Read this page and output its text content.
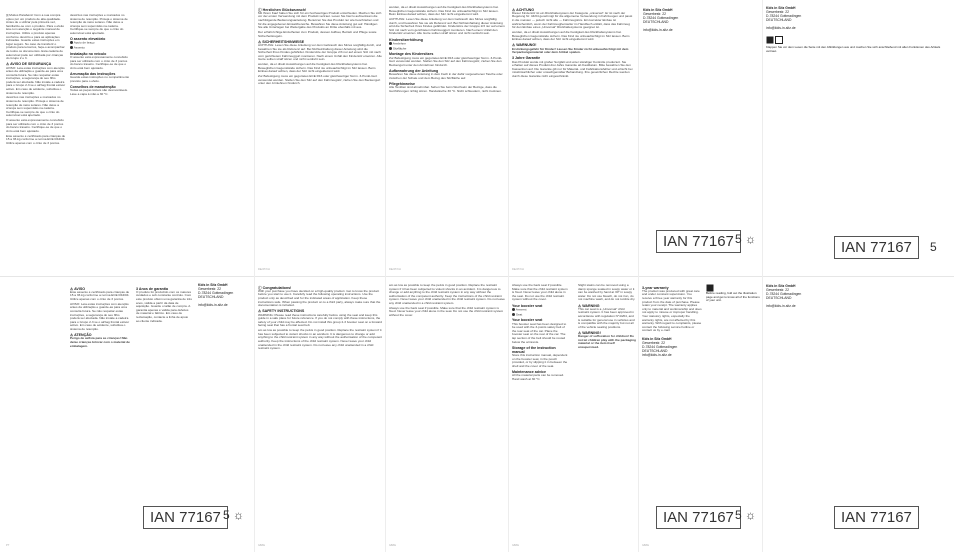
[i] Muitos Parabéns! Com a sua compra optou por um produto de alta qualidade. Antes de o utilizar pela primeira vez, familiarize-se com o produto. Para o efeito leia com atenção o seguinte manual de instruções. Utilize o produto apenas conforme descrito e para as aplicações indicadas. Guarde estas instruções em lugar seguro. No caso de transferir o produto para terceiros, faça-o acompanhar de todos os documentos. Esta cadeira de automóvel pode ser utilizada por crianças do Grupo 2 e 3.

⚠ AVISO DE SEGURANÇA

AVISO: Leia estas instruções com atenção antes da utilização e guarde-as para uma consulta futura. Se não respeitar estas instruções, a segurança do seu filho poderá ser afectada. Não instale a cadeira para o Grupo 2-3 se o airbag frontal estiver activo. Em caso de acidente, substitua o sistema de retenção.

descritos nas instruções e marcados no sistema de retenção. Proteja o sistema de retenção de raios solares. Não deixe a criança sem supervisão na cadeira. Certifique-se sempre de que o cinto do automóvel está apertado.

O assento está expressamente concebido para ser utilizado com o cinto de 3 pontos do banco traseiro. Certifique-se de que o cinto está bem ajustado.

Este assento é certificado para crianças de 15 a 36 kg conforme a norma ECE R44/04. Utilize apenas com o cinto de 3 pontos.

descritos nas instruções e marcados no sistema de retenção. Proteja o sistema de retenção de raios solares. Não deixe a criança sem supervisão na cadeira. Certifique-se sempre de que o cinto do automóvel está apertado.

O assento elevatório

Apoio de braço

Assento

Instalação no veículo

O assento está expressamente concebido para ser utilizado com o cinto de 3 pontos do banco traseiro. Certifique-se de que o cinto está bem ajustado.

Arrumação das instruções

Guarde estas instruções no compartimento previsto para o efeito.

Conselhos de manutenção

Todas as peças têxteis são desmontáveis. Lave a capa à mão a 30 °C.

⚠ AVISO

Este assento é certificado para crianças de 15 a 36 kg conforme a norma ECE R44/04. Utilize apenas com o cinto de 3 pontos.

AVISO: Leia estas instruções com atenção antes da utilização e guarde-as para uma consulta futura. Se não respeitar estas instruções, a segurança do seu filho poderá ser afectada. Não instale a cadeira para o Grupo 2-3 se o airbag frontal estiver activo. Em caso de acidente, substitua o sistema de retenção.

⚠ ATENÇÃO

Perigo de asfixia para as crianças! Não deixe crianças brincar com o material de embalagem.

3 Anos de garantia

O produto foi produzido com os maiores cuidados e sob constante controlo. Com este produto obtém uma garantia de três anos, válida a partir da data de aquisição. Guarde o talão de compra. A garantia apenas é válida para defeitos de material e fabrico. Em caso de reclamação, contacte a linha de apoio ao cliente indicada.

Kids in Sitz GmbH
Gewerbestr. 22
D-78244 Gottmadingen
DEUTSCHLAND
info@kids-in-sitz.de
IAN 77167 5 ☼
PT
ⓘ Herzlichen Glückwunsch!

Mit Ihrem Kauf haben Sie sich für ein hochwertiges Produkt entschieden. Machen Sie sich vor der ersten Verwendung mit dem Produkt vertraut. Lesen Sie hierzu aufmerksam die nachfolgende Bedienungsanleitung. Benutzen Sie das Produkt nur wie beschrieben und für die angegebenen Einsatzbereiche. Bewahren Sie diese Anleitung gut auf. Händigen Sie alle Unterlagen bei Weitergabe des Produkts an Dritte ebenfalls mit aus.

Der erhält richtige Einzelheiten zum Produkt, dessen Aufbau, Betrieb und Pflege sowie Sicherheitsregeln.

⚠ SICHERHEITSHINWEISE

ACHTUNG: Lesen Sie diese Anleitung vor dem Gebrauch des Sitzes sorgfältig durch, und bewahren Sie sie als Referenz auf. Bei Nichteinhaltung dieser Anleitung wird die Sicherheit Ihres Kindes gefährdet. Kindersitze der Gruppe 2/3 nur auf einem Sitz mit nach vorn gerichtetem Fahrzeuggurt montieren. Nach einem Unfall den Kindersitz ersetzen. Alle Gurte sollten straff sitzen und nicht verdreht sein.

werden, da er direkt Auswirkungen auf die Festigkeit des Rückhaltesystems hat. Beweglichen Gegenstände sichern. Das Kind nie unbeaufsichtigt im Sitz lassen. Beim Einbau darauf achten, dass der Sitz nicht eingeklemmt wird.

Zur Befestigung muss ein gegurtetes ECE R16 oder gleichwertiger Norm. 3-Punkt-Gurt verwendet werden. Stellen Sie den Sitz auf den Fahrzeugsitz, ziehen Sie den Beckengurt unter den Armlehnen hindurch.

werden, da er direkt Auswirkungen auf die Festigkeit des Rückhaltesystems hat. Beweglichen Gegenstände sichern. Das Kind nie unbeaufsichtigt im Sitz lassen. Beim Einbau darauf achten, dass der Sitz nicht eingeklemmt wird.

ACHTUNG: Lesen Sie diese Anleitung vor dem Gebrauch des Sitzes sorgfältig durch, und bewahren Sie sie als Referenz auf. Bei Nichteinhaltung dieser Anleitung wird die Sicherheit Ihres Kindes gefährdet. Kindersitze der Gruppe 2/3 nur auf einem Sitz mit nach vorn gerichtetem Fahrzeuggurt montieren. Nach einem Unfall den Kindersitz ersetzen. Alle Gurte sollten straff sitzen und nicht verdreht sein.

Kindersitzerhöhung

Armlehne

Sitzfläche

Montage des Kindersitzes

Zur Befestigung muss ein gegurtetes ECE R16 oder gleichwertiger Norm. 3-Punkt-Gurt verwendet werden. Stellen Sie den Sitz auf den Fahrzeugsitz, ziehen Sie den Beckengurt unter den Armlehnen hindurch.

Aufbewahrung der Anleitung

Bewahren Sie diese Anleitung in dem Fach in der dafür vorgesehenen Tasche oder zwischen der Schale und dem Bezug des Sitzfläche auf.

Pflegehinweise

Alle Textilien sind abnehmbar. Sehen Sie beim Wechseln der Bezüge, dass die Gurtführungen richtig sitzen. Handwäsche 30 °C. Nicht schleudern, nicht trocknen.

⚠ ACHTUNG

Dieser Kindersitz ist ein Rückhaltesystem der Kategorie „universal". Er ist nach der Regelung Nr. 44/04 genehmigt für die allgemeine Verwendung in Fahrzeugen und passt in die meisten — jedoch nicht alle — Fahrzeugsitze. Ein korrekter Einbau ist wahrscheinlich, wenn der Fahrzeughersteller im Handbuch erklärt, dass das Fahrzeug für den Einbau eines „Universal" Rückhaltesystems geeignet ist.

werden, da er direkt Auswirkungen auf die Festigkeit des Rückhaltesystems hat. Beweglichen Gegenstände sichern. Das Kind nie unbeaufsichtigt im Sitz lassen. Beim Einbau darauf achten, dass der Sitz nicht eingeklemmt wird.

⚠ WARNUNG!

Erstickungsgefahr für Kinder! Lassen Sie Kinder nicht unbeaufsichtigt mit dem Verpackungsmaterial oder dem Artikel spielen.

3 Jahre Garantie

Das Produkt wurde mit großer Sorgfalt und unter ständiger Kontrolle produziert. Sie erhalten auf dieses Produkt drei Jahre Garantie ab Kaufdatum. Bitte bewahren Sie den Kassenbon auf. Die Garantie gilt nur für Material- und Fabrikationsfehler und erlischt bei missbräuchlicher oder unsachgemäßer Behandlung. Ihre gesetzlichen Rechte werden durch diese Garantie nicht eingeschränkt.

Kids in Sitz GmbH
Gewerbestr. 22
D-78244 Gottmadingen
DEUTSCHLAND
info@kids-in-sitz.de
Kids in Sitz GmbH
Gewerbestr. 22
D-78244 Gottmadingen
DEUTSCHLAND
info@kids-in-sitz.de

Klappen Sie vor dem Lesen die Seite mit den Abbildungen aus und machen Sie sich anschließend mit allen Funktionen des Artikels vertraut.
IAN 77167 5 ☼	IAN 77167	5
DE/AT/CH	DE/AT/CH	DE/AT/CH
ⓘ Congratulations!

With your purchase you have decided on a high-quality product. Get to know the product before you start to use it. Carefully read the following operating instructions. Use the product only as described and for the indicated areas of application. Keep these instructions safe. When passing the product on to a third party, always make sure that the documentation is included.

⚠ SAFETY INSTRUCTIONS

WARNING: Please read these instructions carefully before using the seat and keep this guide in a safe place for future reference. If you do not comply with these instructions, the safety of your child may be affected. Do not install this group 2-3 booster seat on a forward facing seat that has a frontal seat belt.

am as low as possible to keep the pelvis in good position. Replace the restraint system if it has been subjected to violent shocks in an accident. It is dangerous to change or add anything to the child restraint system in any way without the authorisation of the competent authority. Keep the instructions of the child restraint system. Never leave your child unattended in the child restraint system. Do not leave any child unattended in a child restraint system.

am as low as possible to keep the pelvis in good position. Replace the restraint system if it has been subjected to violent shocks in an accident. It is dangerous to change or add anything to the child restraint system in any way without the authorisation of the competent authority. Keep the instructions of the child restraint system. Never leave your child unattended in the child restraint system. Do not leave any child unattended in a child restraint system.

Always use the back seat if possible. Make sure that the child restraint system is fixed. Never leave your child alone in the seat. Do not use the child restraint system without the cover.

Always use the back seat if possible. Make sure that the child restraint system is fixed. Never leave your child alone in the seat. Do not use the child restraint system without the cover.

Your booster seat

Armrest

Seat

Your booster seat

This booster seat has been designed to be used with the 3-points safety belt of the rear seat of the car. Place the booster seat on the rear of the car. The lap section of the belt should be routed below the armrests.

Storage of the instruction manual

Store this instruction manual, dependent on the booster seat, in the pouch provided, or by slipping it in between the shell and the cover of the seat.

Maintenance advice

All the material parts can be removed. Hand wash at 30 °C.

Slight stains can be removed using a damp sponge soaked in soapy water or it can be washed by hand at 30° in soapy water. Do not use bleach, do not iron, do not machine wash, and do not tumble dry.

⚠ WARNING

This car seat is a „Universal" child restraint system. It has been approved in accordance with regulation N°44/04, and is suitable for general use in vehicles and is compatible with the majority but not all of the vehicle seating positions.

⚠ WARNING!

Danger of suffocation for children! Do not let children play with the packaging material or the item itself unsupervised.

3-year warranty

The product was produced with great care and under constant supervision. You receive a three year warranty for this product from the date of purchase. Please retain your receipt. The warranty applies only to material and workmanship and does not apply to misuse or improper handling. Your statutory rights, especially the warranty rights, are not affected by this warranty. With regard to complaints, please contact the following service hotline or contact us by e-mail.

Kids in Sitz GmbH
Gewerbestr. 22
D-78244 Gottmadingen
DEUTSCHLAND
info@kids-in-sitz.de
Before reading, fold out the illustration page and get to know all of the functions of your unit.
Kids in Sitz GmbH
Gewerbestr. 22
D-78244 Gottmadingen
DEUTSCHLAND
info@kids-in-sitz.de
IAN 77167 5 ☼	IAN 77167
GB/IE	GB/IE	GB/IE	GB/IE
